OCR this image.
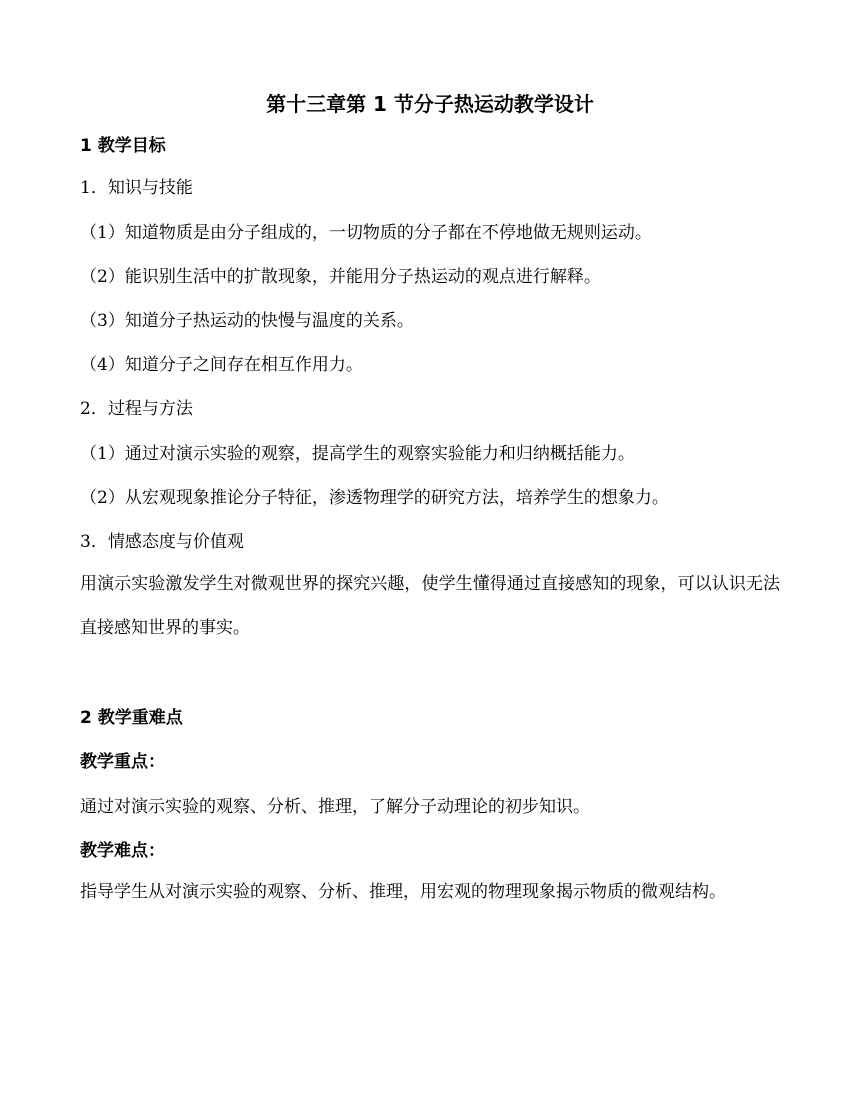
第十三章第 1 节分子热运动教学设计
1 教学目标
1．知识与技能
（1）知道物质是由分子组成的，一切物质的分子都在不停地做无规则运动。
（2）能识别生活中的扩散现象，并能用分子热运动的观点进行解释。
（3）知道分子热运动的快慢与温度的关系。
（4）知道分子之间存在相互作用力。
2．过程与方法
（1）通过对演示实验的观察，提高学生的观察实验能力和归纳概括能力。
（2）从宏观现象推论分子特征，渗透物理学的研究方法，培养学生的想象力。
3．情感态度与价值观
用演示实验激发学生对微观世界的探究兴趣，使学生懂得通过直接感知的现象，可以认识无法直接感知世界的事实。
2 教学重难点
教学重点：
通过对演示实验的观察、分析、推理，了解分子动理论的初步知识。
教学难点：
指导学生从对演示实验的观察、分析、推理，用宏观的物理现象揭示物质的微观结构。
